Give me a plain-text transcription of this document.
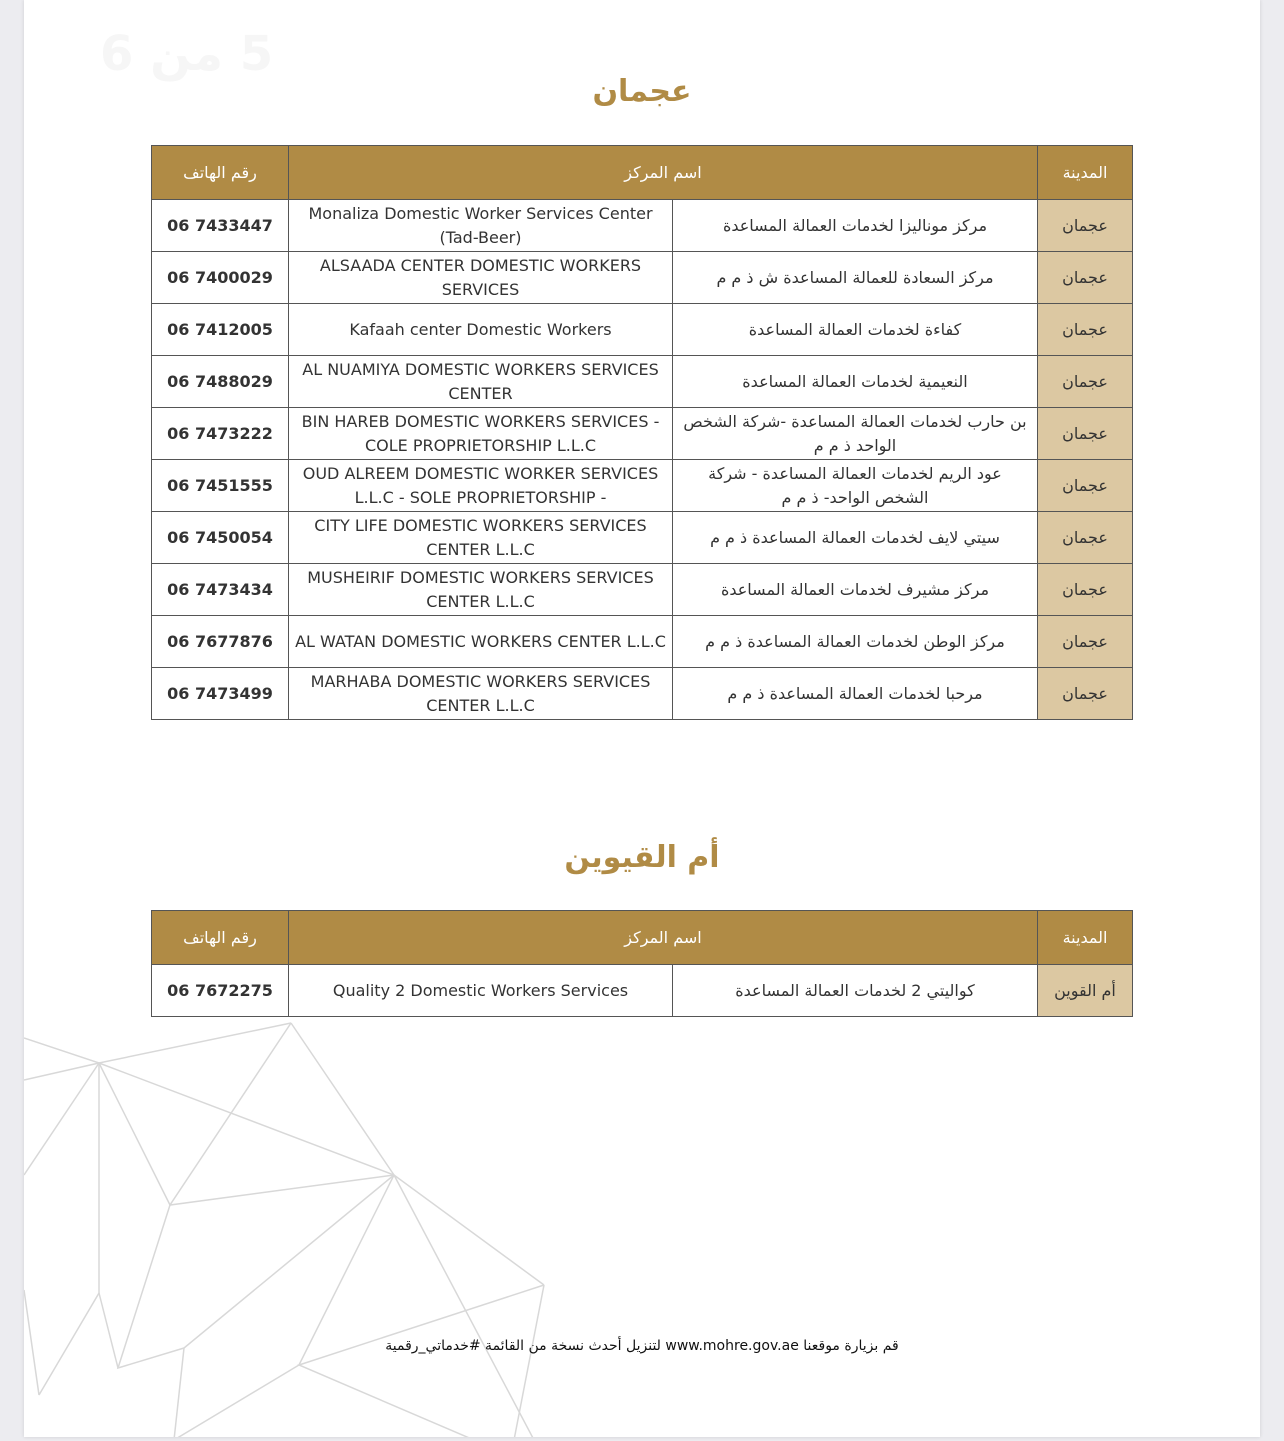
5 من 6
عجمان
المدينة	اسم المركز		رقم الهاتف
عجمان	مركز موناليزا لخدمات العمالة المساعدة	Monaliza Domestic Worker Services Center (Tad-Beer)	06 7433447
عجمان	مركز السعادة للعمالة المساعدة ش ذ م م	ALSAADA CENTER DOMESTIC WORKERS SERVICES	06 7400029
عجمان	كفاءة لخدمات العمالة المساعدة	Kafaah center Domestic Workers	06 7412005
عجمان	النعيمية لخدمات العمالة المساعدة	AL NUAMIYA DOMESTIC WORKERS SERVICES CENTER	06 7488029
عجمان	بن حارب لخدمات العمالة المساعدة -شركة الشخص الواحد ذ م م	BIN HAREB DOMESTIC WORKERS SERVICES - COLE PROPRIETORSHIP L.L.C	06 7473222
عجمان	عود الريم لخدمات العمالة المساعدة - شركة الشخص الواحد- ذ م م	OUD ALREEM DOMESTIC WORKER SERVICES L.L.C - SOLE PROPRIETORSHIP -	06 7451555
عجمان	سيتي لايف لخدمات العمالة المساعدة ذ م م	CITY LIFE DOMESTIC WORKERS SERVICES CENTER L.L.C	06 7450054
عجمان	مركز مشيرف لخدمات العمالة المساعدة	MUSHEIRIF DOMESTIC WORKERS SERVICES CENTER L.L.C	06 7473434
عجمان	مركز الوطن لخدمات العمالة المساعدة ذ م م	AL WATAN DOMESTIC WORKERS CENTER L.L.C	06 7677876
عجمان	مرحبا لخدمات العمالة المساعدة ذ م م	MARHABA DOMESTIC WORKERS SERVICES CENTER L.L.C	06 7473499
أم القيوين
المدينة	اسم المركز		رقم الهاتف
أم القوين	كواليتي 2 لخدمات العمالة المساعدة	Quality 2 Domestic Workers Services	06 7672275
قم بزيارة موقعنا www.mohre.gov.ae لتنزيل أحدث نسخة من القائمة #خدماتي_رقمية
